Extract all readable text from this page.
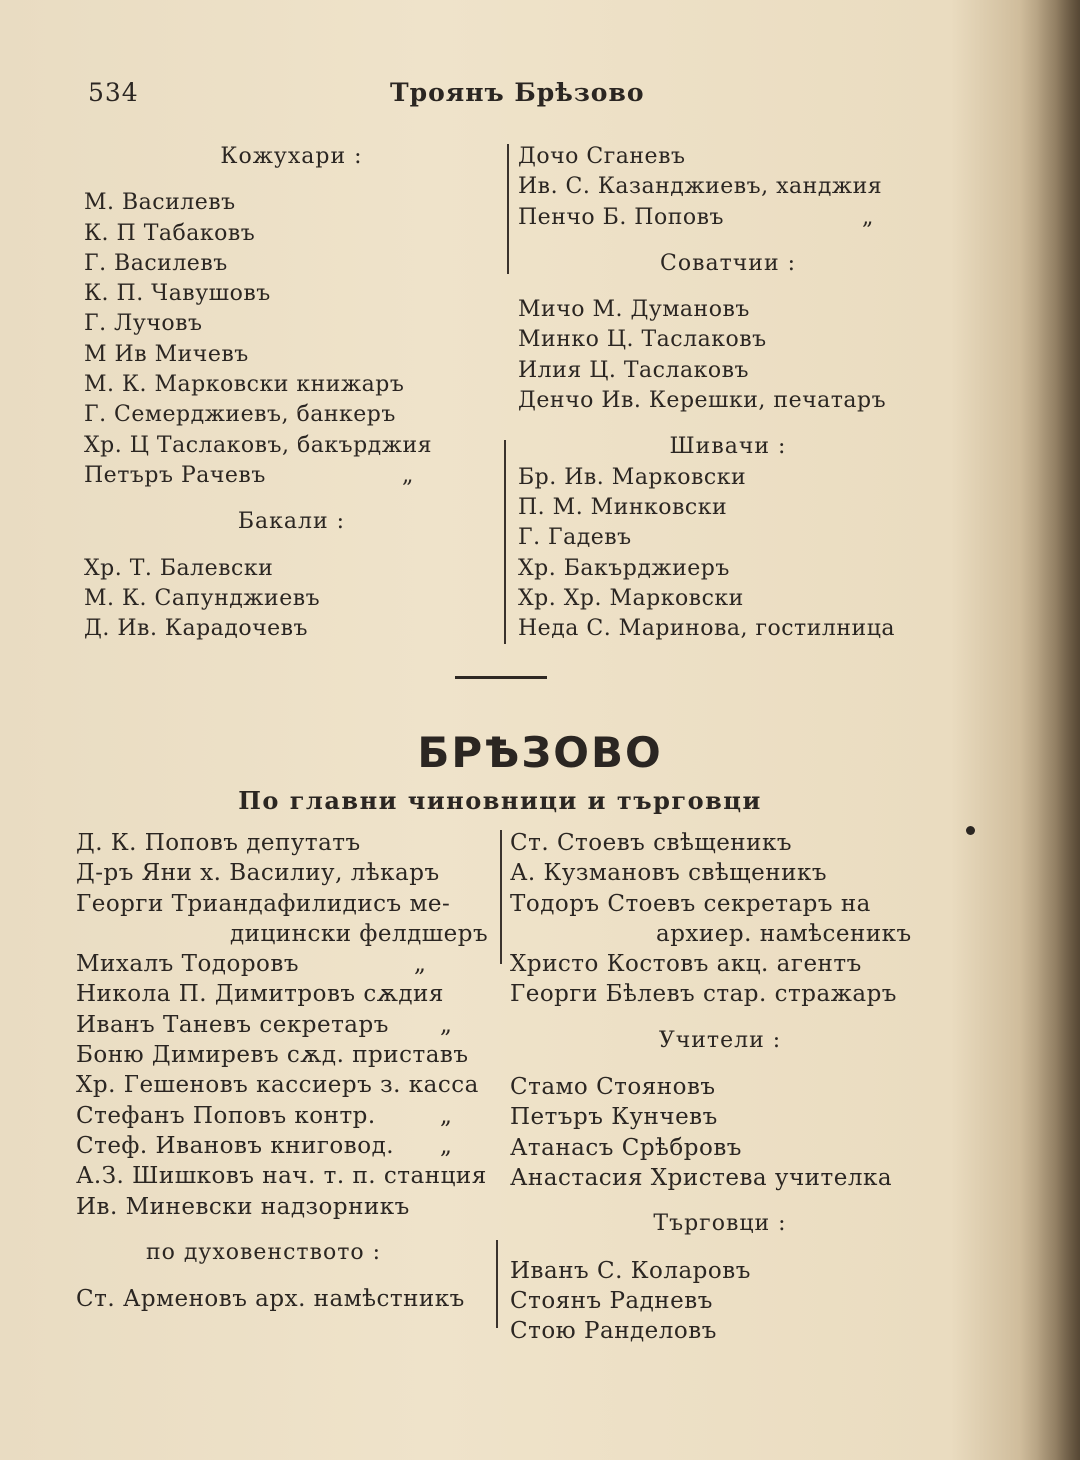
534	Троянъ Брѣзово
Кожухари :
М. Василевъ
К. П Табаковъ
Г. Василевъ
К. П. Чавушовъ
Г. Лучовъ
М Ив Мичевъ
М. К. Марковски книжаръ
Г. Семерджиевъ, банкеръ
Хр. Ц Таслаковъ, бакърджия
Петъръ Рачевъ	„
Бакали :
Хр. Т. Балевски
М. К. Сапунджиевъ
Д. Ив. Карадочевъ
Дочо Сганевъ
Ив. С. Казанджиевъ, ханджия
Пенчо Б. Поповъ	„
Соватчии :
Мичо М. Думановъ
Минко Ц. Таслаковъ
Илия Ц. Таслаковъ
Денчо Ив. Керешки, печатаръ
Шивачи :
Бр. Ив. Марковски
П. М. Минковски
Г. Гадевъ
Хр. Бакърджиеръ
Хр. Хр. Марковски
Неда С. Маринова, гостилница
БРѢЗОВО
По главни чиновници и търговци
Д. К. Поповъ депутатъ
Д-ръ Яни х. Василиу, лѣкаръ
Георги Триандафилидисъ ме-
дицински фелдшеръ
Михалъ Тодоровъ	„
Никола П. Димитровъ сѫдия
Иванъ Таневъ секретаръ „
Боню Димиревъ сѫд. приставъ
Хр. Гешеновъ кассиеръ з. касса
Стефанъ Поповъ контр.	„
Стеф. Ивановъ книговод. „
А.З. Шишковъ нач. т. п. станция
Ив. Миневски надзорникъ
по духовенството :
Ст. Арменовъ арх. намѣстникъ
Ст. Стоевъ свѣщеникъ
А. Кузмановъ свѣщеникъ
Тодоръ Стоевъ секретаръ на
архиер. намѣсеникъ
Христо Костовъ акц. агентъ
Георги Бѣлевъ стар. стражаръ
Учители :
Стамо Стояновъ
Петъръ Кунчевъ
Атанасъ Срѣбровъ
Анастасия Христева учителка
Търговци :
Иванъ С. Коларовъ
Стоянъ Радневъ
Стою Ранделовъ
